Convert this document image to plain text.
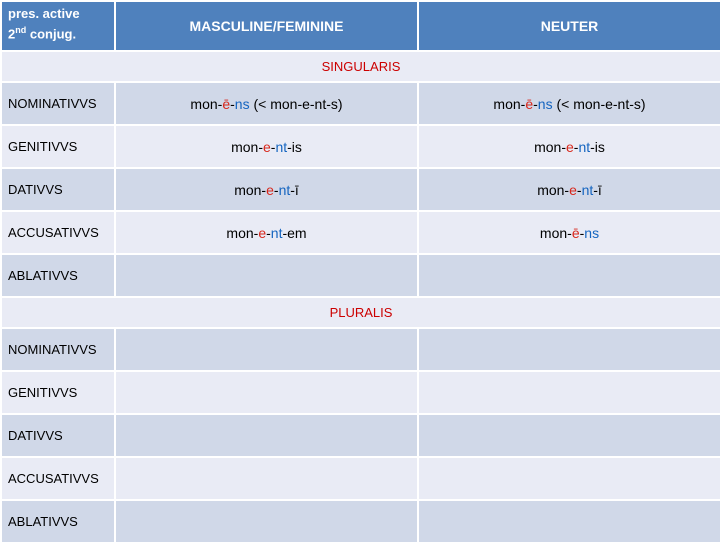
pres. active
2nd conjug.	MASCULINE/FEMININE	NEUTER
SINGULARIS		
NOMINATIVVS	mon-ē-ns (< mon-e-nt-s)	mon-ē-ns (< mon-e-nt-s)
GENITIVVS	mon-e-nt-is	mon-e-nt-is
DATIVVS	mon-e-nt-ī	mon-e-nt-ī
ACCUSATIVVS	mon-e-nt-em	mon-ē-ns
ABLATIVVS		
PLURALIS		
NOMINATIVVS		
GENITIVVS		
DATIVVS		
ACCUSATIVVS		
ABLATIVVS		
